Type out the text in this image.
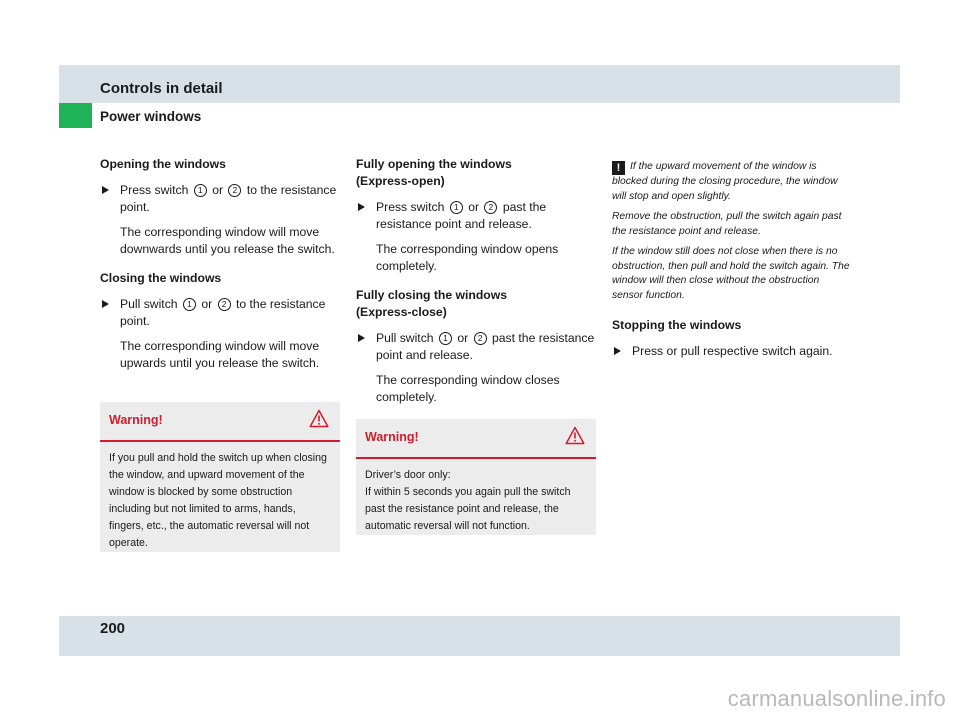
Controls in detail
Power windows
Opening the windows
Press switch 1 or 2 to the resistance point.

The corresponding window will move downwards until you release the switch.

Closing the windows
Pull switch 1 or 2 to the resistance point.

The corresponding window will move upwards until you release the switch.

Warning!
If you pull and hold the switch up when closing the window, and upward movement of the window is blocked by some obstruction including but not limited to arms, hands, fingers, etc., the automatic reversal will not operate.
Fully opening the windows
(Express-open)
Press switch 1 or 2 past the resistance point and release.

The corresponding window opens completely.

Fully closing the windows
(Express-close)
Pull switch 1 or 2 past the resistance point and release.

The corresponding window closes completely.

Warning!
Driver’s door only:
If within 5 seconds you again pull the switch past the resistance point and release, the automatic reversal will not function.

! If the upward movement of the window is blocked during the closing procedure, the window will stop and open slightly.

Remove the obstruction, pull the switch again past the resistance point and release.

If the window still does not close when there is no obstruction, then pull and hold the switch again. The window will then close without the obstruction sensor function.

Stopping the windows
Press or pull respective switch again.
200
carmanualsonline.info
